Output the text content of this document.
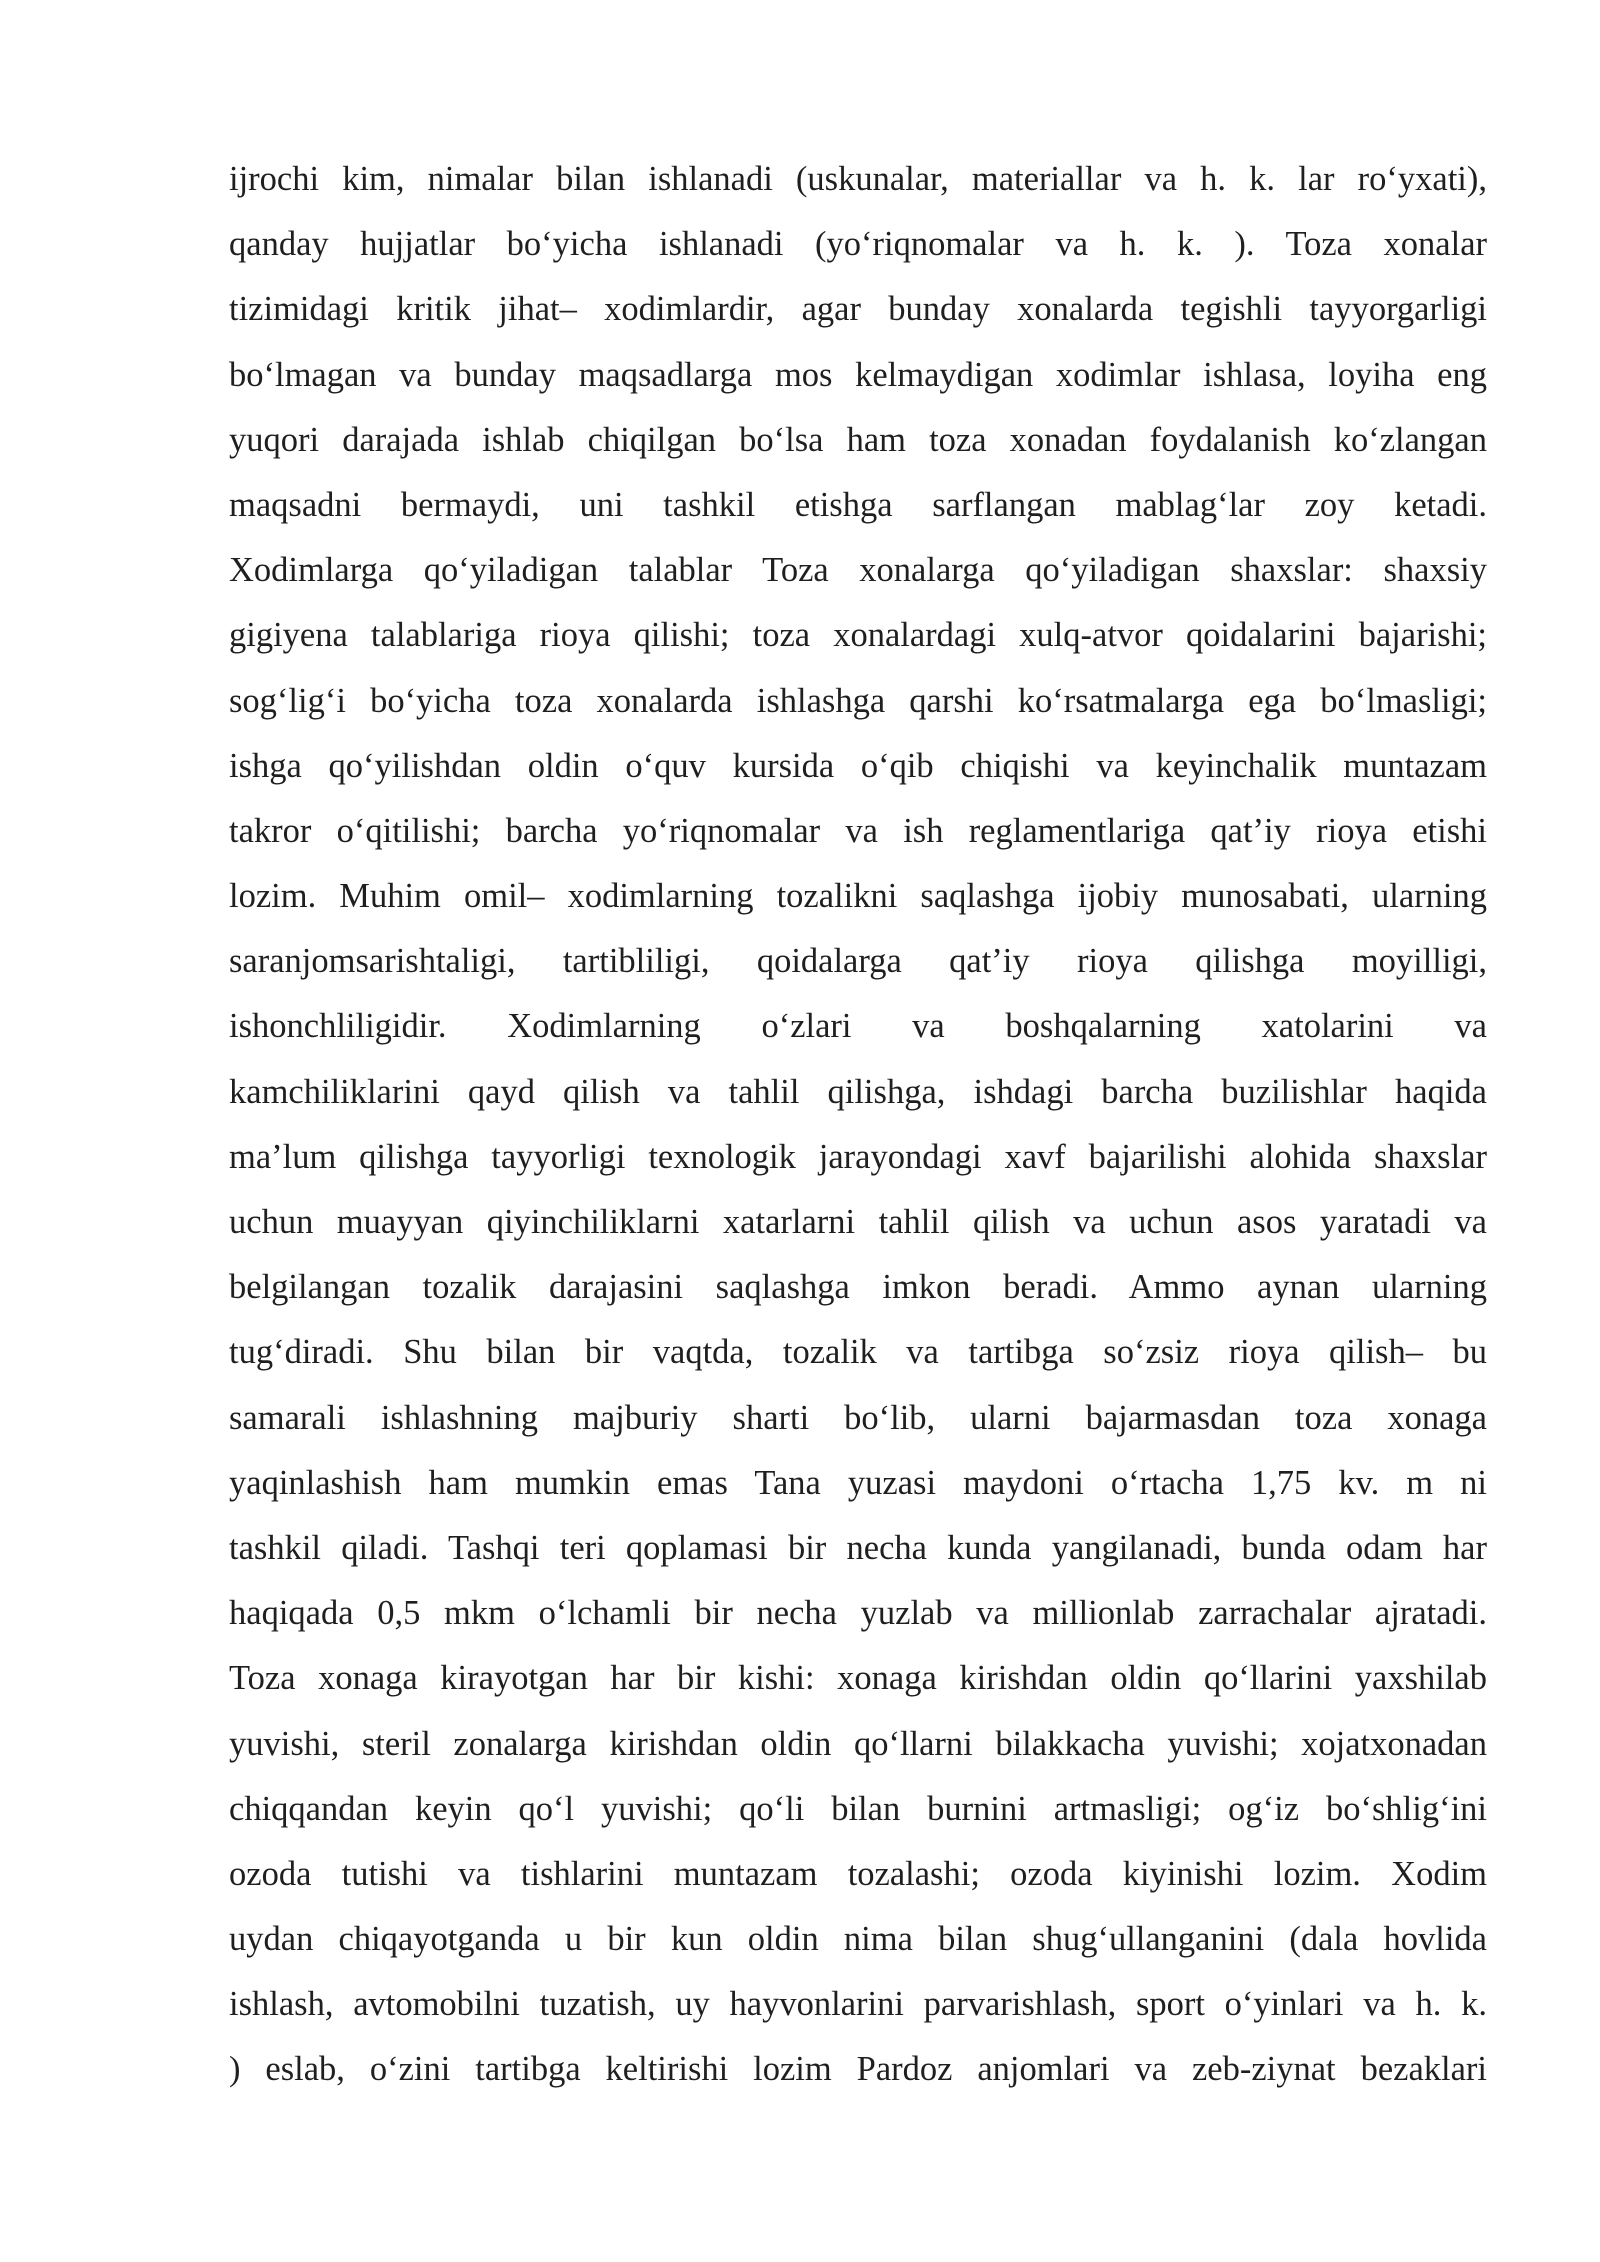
ijrochi kim, nimalar bilan ishlanadi (uskunalar, materiallar va h. k. lar ro‘yxati),
qanday hujjatlar bo‘yicha ishlanadi (yo‘riqnomalar va h. k. ). Toza xonalar
tizimidagi kritik jihat– xodimlardir, agar bunday xonalarda tegishli tayyorgarligi
bo‘lmagan va bunday maqsadlarga mos kelmaydigan xodimlar ishlasa, loyiha eng
yuqori darajada ishlab chiqilgan bo‘lsa ham toza xonadan foydalanish ko‘zlangan
maqsadni bermaydi, uni tashkil etishga sarflangan mablag‘lar zoy ketadi.
Xodimlarga qo‘yiladigan talablar Toza xonalarga qo‘yiladigan shaxslar: shaxsiy
gigiyena talablariga rioya qilishi; toza xonalardagi xulq-atvor qoidalarini bajarishi;
sog‘lig‘i bo‘yicha toza xonalarda ishlashga qarshi ko‘rsatmalarga ega bo‘lmasligi;
ishga qo‘yilishdan oldin o‘quv kursida o‘qib chiqishi va keyinchalik muntazam
takror o‘qitilishi; barcha yo‘riqnomalar va ish reglamentlariga qat’iy rioya etishi
lozim. Muhim omil– xodimlarning tozalikni saqlashga ijobiy munosabati, ularning
saranjomsarishtaligi, tartibliligi, qoidalarga qat’iy rioya qilishga moyilligi,
ishonchliligidir. Xodimlarning o‘zlari va boshqalarning xatolarini va
kamchiliklarini qayd qilish va tahlil qilishga, ishdagi barcha buzilishlar haqida
ma’lum qilishga tayyorligi texnologik jarayondagi xavf bajarilishi alohida shaxslar
uchun muayyan qiyinchiliklarni xatarlarni tahlil qilish va uchun asos yaratadi va
belgilangan tozalik darajasini saqlashga imkon beradi. Ammo aynan ularning
tug‘diradi. Shu bilan bir vaqtda, tozalik va tartibga so‘zsiz rioya qilish– bu
samarali ishlashning majburiy sharti bo‘lib, ularni bajarmasdan toza xonaga
yaqinlashish ham mumkin emas Tana yuzasi maydoni o‘rtacha 1,75 kv. m ni
tashkil qiladi. Tashqi teri qoplamasi bir necha kunda yangilanadi, bunda odam har
haqiqada 0,5 mkm o‘lchamli bir necha yuzlab va millionlab zarrachalar ajratadi.
Toza xonaga kirayotgan har bir kishi: xonaga kirishdan oldin qo‘llarini yaxshilab
yuvishi, steril zonalarga kirishdan oldin qo‘llarni bilakkacha yuvishi; xojatxonadan
chiqqandan keyin qo‘l yuvishi; qo‘li bilan burnini artmasligi; og‘iz bo‘shlig‘ini
ozoda tutishi va tishlarini muntazam tozalashi; ozoda kiyinishi lozim. Xodim
uydan chiqayotganda u bir kun oldin nima bilan shug‘ullanganini (dala hovlida
ishlash, avtomobilni tuzatish, uy hayvonlarini parvarishlash, sport o‘yinlari va h. k.
) eslab, o‘zini tartibga keltirishi lozim Pardoz anjomlari va zeb-ziynat bezaklari
